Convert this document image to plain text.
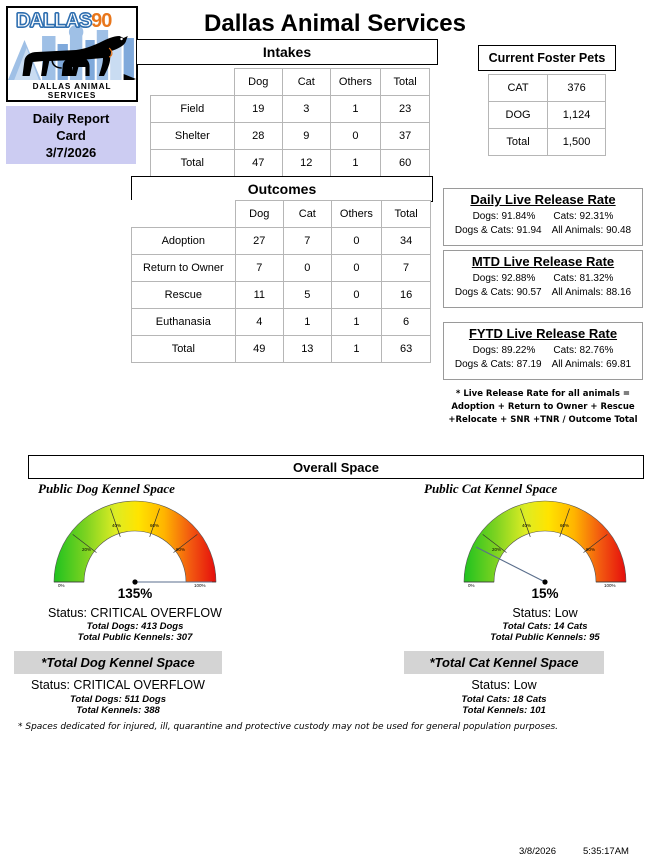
DALLAS90
DALLAS ANIMAL SERVICES
Daily Report
Card
3/7/2026
Dallas Animal Services
Intakes
	Dog	Cat	Others	Total
Field	19	3	1	23
Shelter	28	9	0	37
Total	47	12	1	60
Current Foster Pets
CAT	376
DOG	1,124
Total	1,500
Outcomes
	Dog	Cat	Others	Total
Adoption	27	7	0	34
Return to Owner	7	0	0	7
Rescue	11	5	0	16
Euthanasia	4	1	1	6
Total	49	13	1	63
Daily Live Release Rate
Dogs: 91.84% Cats: 92.31%
Dogs & Cats: 91.94 All Animals: 90.48
MTD Live Release Rate
Dogs: 92.88% Cats: 81.32%
Dogs & Cats: 90.57 All Animals: 88.16
FYTD Live Release Rate
Dogs: 89.22% Cats: 82.76%
Dogs & Cats: 87.19 All Animals: 69.81
* Live Release Rate for all animals =
Adoption + Return to Owner + Rescue
+Relocate + SNR +TNR / Outcome Total
Overall Space
Public Dog Kennel Space
0%
20%
40%	60%
80%
100%
135%
Status: CRITICAL OVERFLOW
Total Dogs: 413 Dogs
Total Public Kennels: 307
*Total Dog Kennel Space
Status: CRITICAL OVERFLOW
Total Dogs: 511 Dogs
Total Kennels: 388
Public Cat Kennel Space
0%
20%
40%	60%
80%
100%
15%
Status: Low
Total Cats: 14 Cats
Total Public Kennels: 95
*Total Cat Kennel Space
Status: Low
Total Cats: 18 Cats
Total Kennels: 101
* Spaces dedicated for injured, ill, quarantine and protective custody may not be used for general population purposes.
3/8/2026	5:35:17AM
